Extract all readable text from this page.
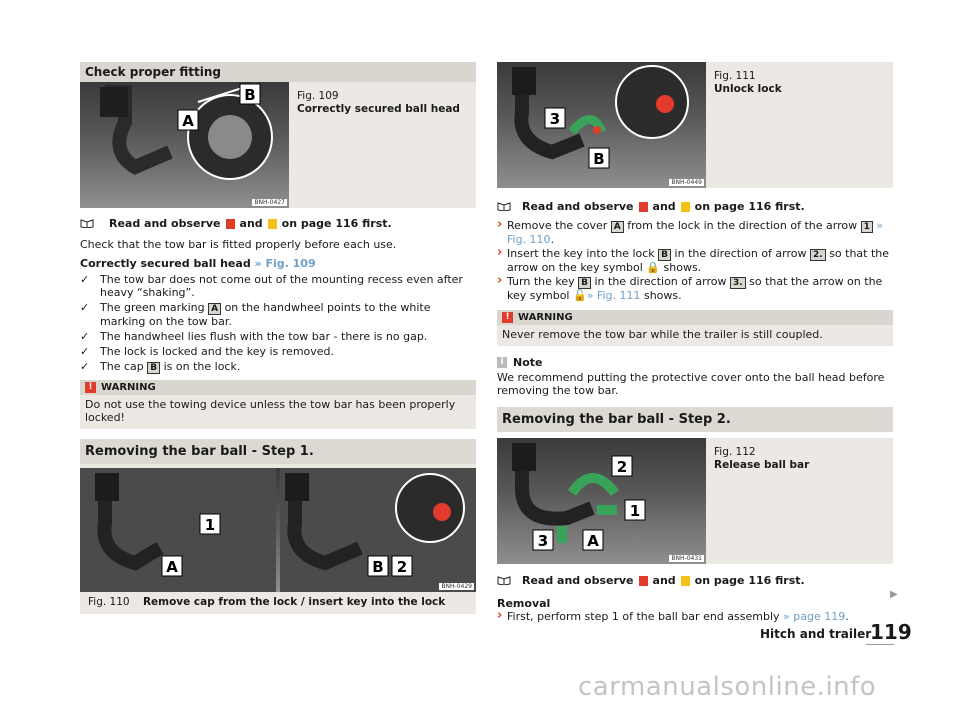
Check proper fitting
B
A
BNH-0427
Fig. 109
Correctly secured ball head
Read and observe and on page 116 first.

Check that the tow bar is fitted properly before each use.

Correctly secured ball head » Fig. 109

✓ The tow bar does not come out of the mounting recess even after heavy “shaking”.
✓ The green marking A on the handwheel points to the white marking on the tow bar.
✓ The handwheel lies flush with the tow bar - there is no gap.
✓ The lock is locked and the key is removed.
✓ The cap B is on the lock.
! WARNING
Do not use the towing device unless the tow bar has been properly locked!
Removing the bar ball - Step 1.
1
A	B 2
BNH-0429
Fig. 110 Remove cap from the lock / insert key into the lock
3
B
BNH-0449
Fig. 111
Unlock lock
Read and observe and on page 116 first.
› Remove the cover A from the lock in the direction of the arrow 1 » Fig. 110.
› Insert the key into the lock B in the direction of arrow 2. so that the arrow on the key symbol 🔒 shows.
› Turn the key B in the direction of arrow 3. so that the arrow on the key symbol 🔓» Fig. 111 shows.
! WARNING
Never remove the tow bar while the trailer is still coupled.
i Note

We recommend putting the protective cover onto the ball head before removing the tow bar.

Removing the bar ball - Step 2.
2
1
3	A
BNH-0431
Fig. 112
Release ball bar
Read and observe and on page 116 first.

Removal

› First, perform step 1 of the ball bar end assembly » page 119.
▶
Hitch and trailer
119
carmanualsonline.info
